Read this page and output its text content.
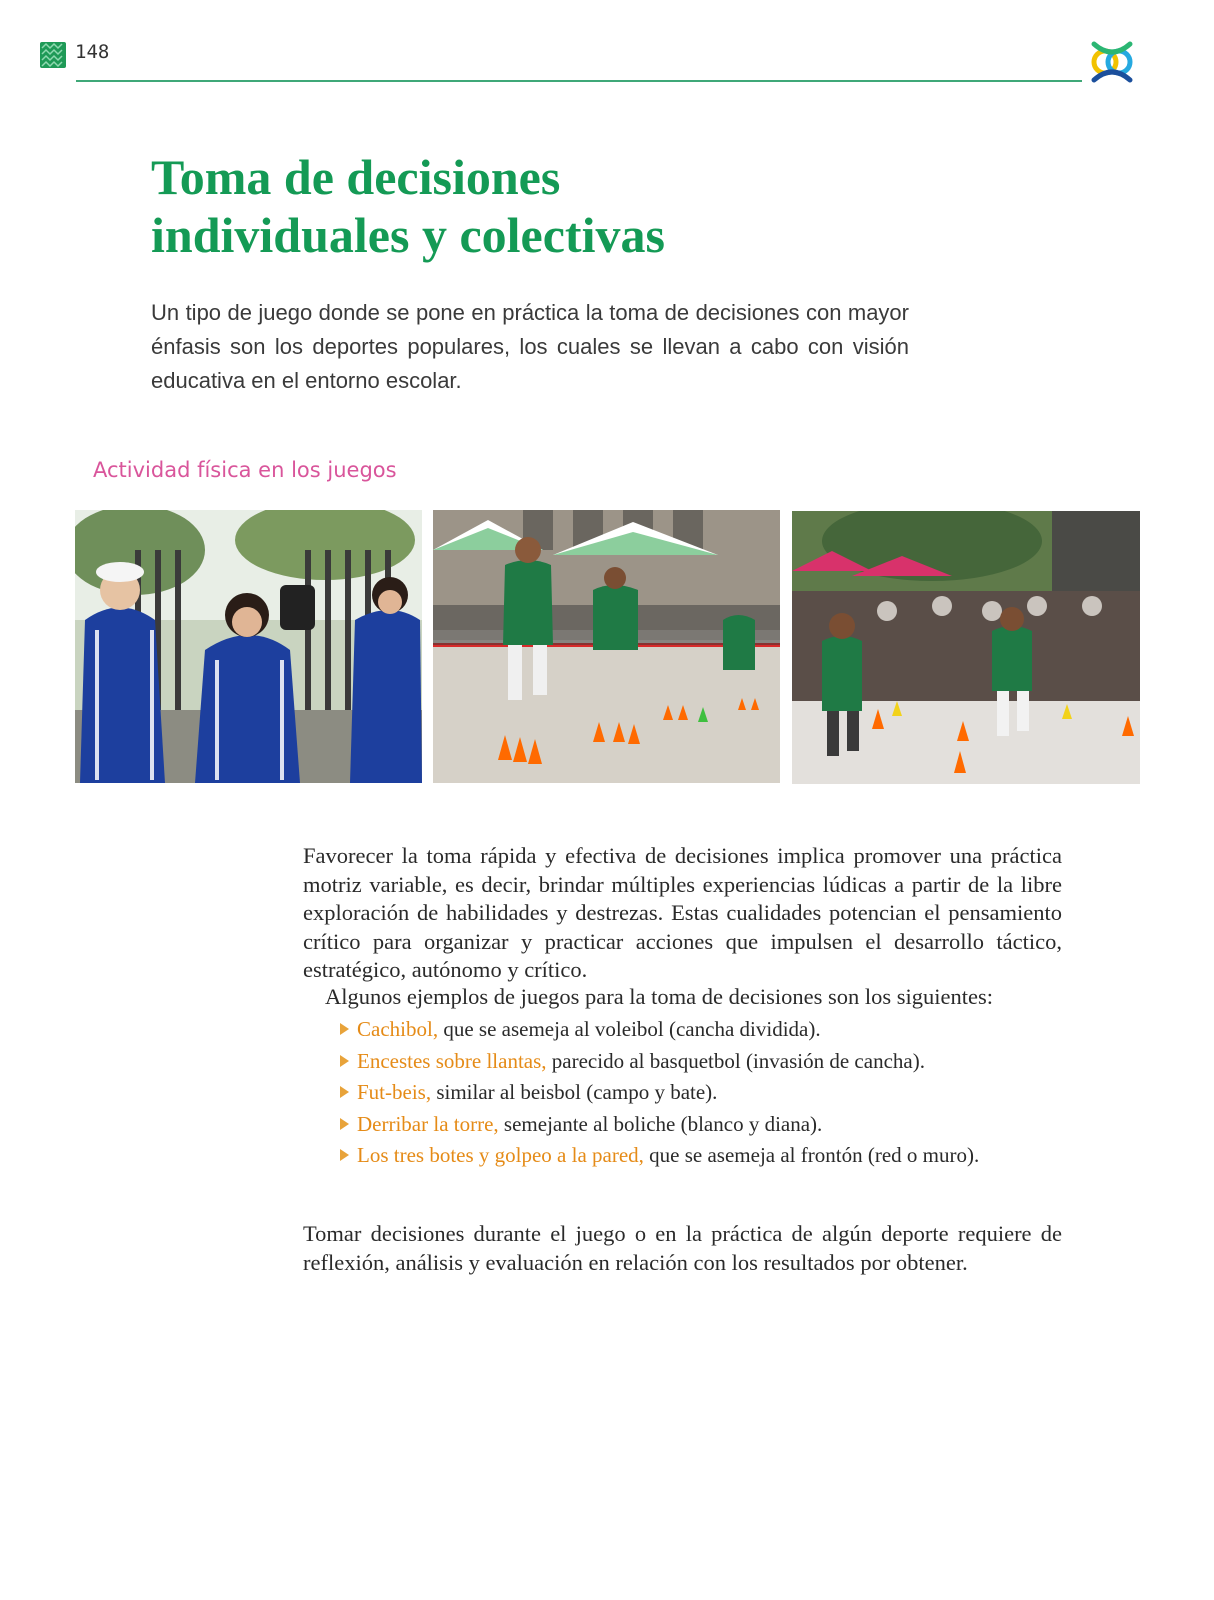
148
Toma de decisiones
individuales y colectivas

Un tipo de juego donde se pone en práctica la toma de decisiones con mayor énfasis son los deportes populares, los cuales se llevan a cabo con visión educativa en el entorno escolar.

Actividad física en los juegos

Favorecer la toma rápida y efectiva de decisiones implica promover una práctica motriz variable, es decir, brindar múltiples experiencias lúdicas a partir de la libre exploración de habilidades y destrezas. Estas cualidades potencian el pensamiento crítico para organizar y practicar acciones que impulsen el desarrollo táctico, estratégico, autónomo y crítico.

Algunos ejemplos de juegos para la toma de decisiones son los siguientes:

Cachibol, que se asemeja al voleibol (cancha dividida).
Encestes sobre llantas, parecido al basquetbol (invasión de cancha).
Fut-beis, similar al beisbol (campo y bate).
Derribar la torre, semejante al boliche (blanco y diana).
Los tres botes y golpeo a la pared, que se asemeja al frontón (red o muro).

Tomar decisiones durante el juego o en la práctica de algún deporte requiere de reflexión, análisis y evaluación en relación con los resultados por obtener.
